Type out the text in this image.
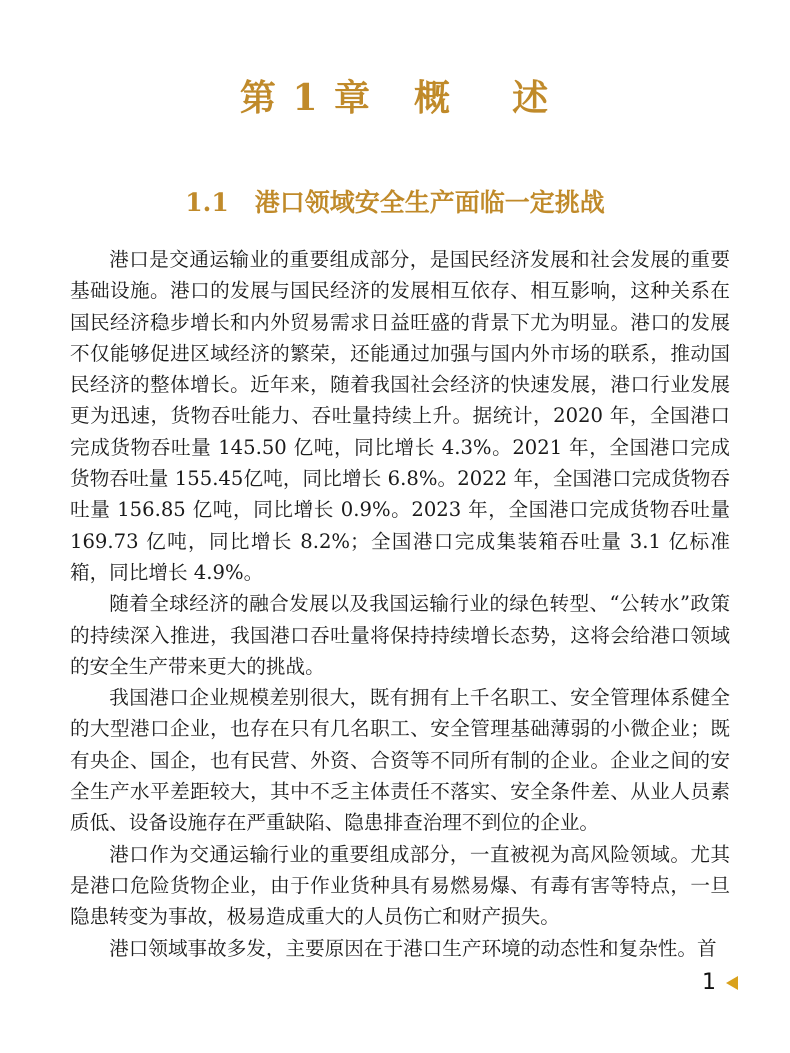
第 1 章 概 述
1.1 港口领域安全生产面临一定挑战

港口是交通运输业的重要组成部分，是国民经济发展和社会发展的重要基础设施。港口的发展与国民经济的发展相互依存、相互影响，这种关系在国民经济稳步增长和内外贸易需求日益旺盛的背景下尤为明显。港口的发展不仅能够促进区域经济的繁荣，还能通过加强与国内外市场的联系，推动国民经济的整体增长。近年来，随着我国社会经济的快速发展，港口行业发展更为迅速，货物吞吐能力、吞吐量持续上升。据统计，2020 年，全国港口完成货物吞吐量 145.50 亿吨，同比增长 4.3%。2021 年，全国港口完成货物吞吐量 155.45亿吨，同比增长 6.8%。2022 年，全国港口完成货物吞吐量 156.85 亿吨，同比增长 0.9%。2023 年，全国港口完成货物吞吐量 169.73 亿吨，同比增长 8.2%；全国港口完成集装箱吞吐量 3.1 亿标准箱，同比增长 4.9%。

随着全球经济的融合发展以及我国运输行业的绿色转型、“公转水”政策的持续深入推进，我国港口吞吐量将保持持续增长态势，这将会给港口领域的安全生产带来更大的挑战。

我国港口企业规模差别很大，既有拥有上千名职工、安全管理体系健全的大型港口企业，也存在只有几名职工、安全管理基础薄弱的小微企业；既有央企、国企，也有民营、外资、合资等不同所有制的企业。企业之间的安全生产水平差距较大，其中不乏主体责任不落实、安全条件差、从业人员素质低、设备设施存在严重缺陷、隐患排查治理不到位的企业。

港口作为交通运输行业的重要组成部分，一直被视为高风险领域。尤其是港口危险货物企业，由于作业货种具有易燃易爆、有毒有害等特点，一旦隐患转变为事故，极易造成重大的人员伤亡和财产损失。

港口领域事故多发，主要原因在于港口生产环境的动态性和复杂性。首

1
